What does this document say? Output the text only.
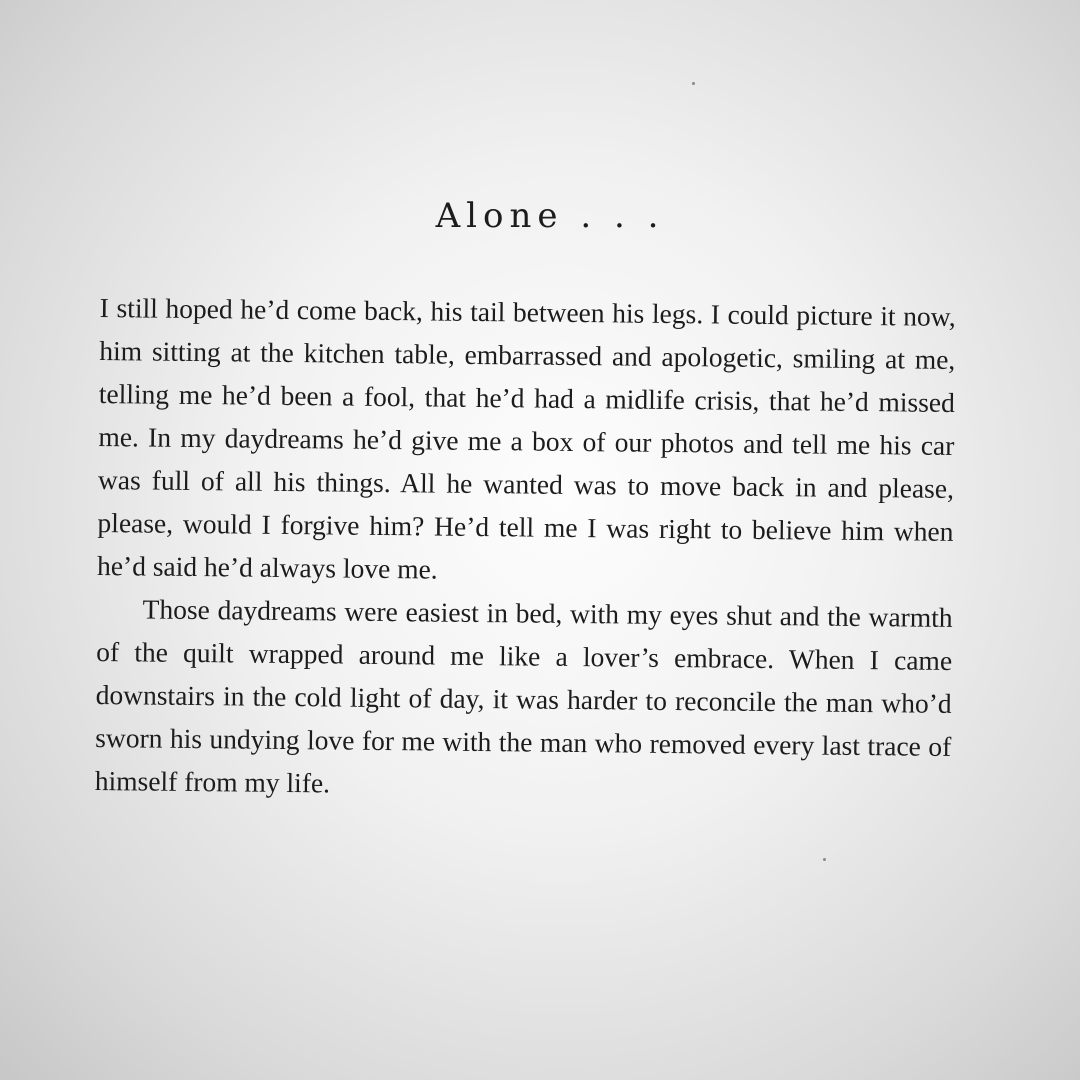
Alone . . .

I still hoped he’d come back, his tail between his legs. I could picture it now, him sitting at the kitchen table, embarrassed and apologetic, smiling at me, telling me he’d been a fool, that he’d had a midlife crisis, that he’d missed me. In my daydreams he’d give me a box of our photos and tell me his car was full of all his things. All he wanted was to move back in and please, please, would I forgive him? He’d tell me I was right to believe him when he’d said he’d always love me.

Those daydreams were easiest in bed, with my eyes shut and the warmth of the quilt wrapped around me like a lover’s embrace. When I came downstairs in the cold light of day, it was harder to reconcile the man who’d sworn his undying love for me with the man who removed every last trace of himself from my life.
